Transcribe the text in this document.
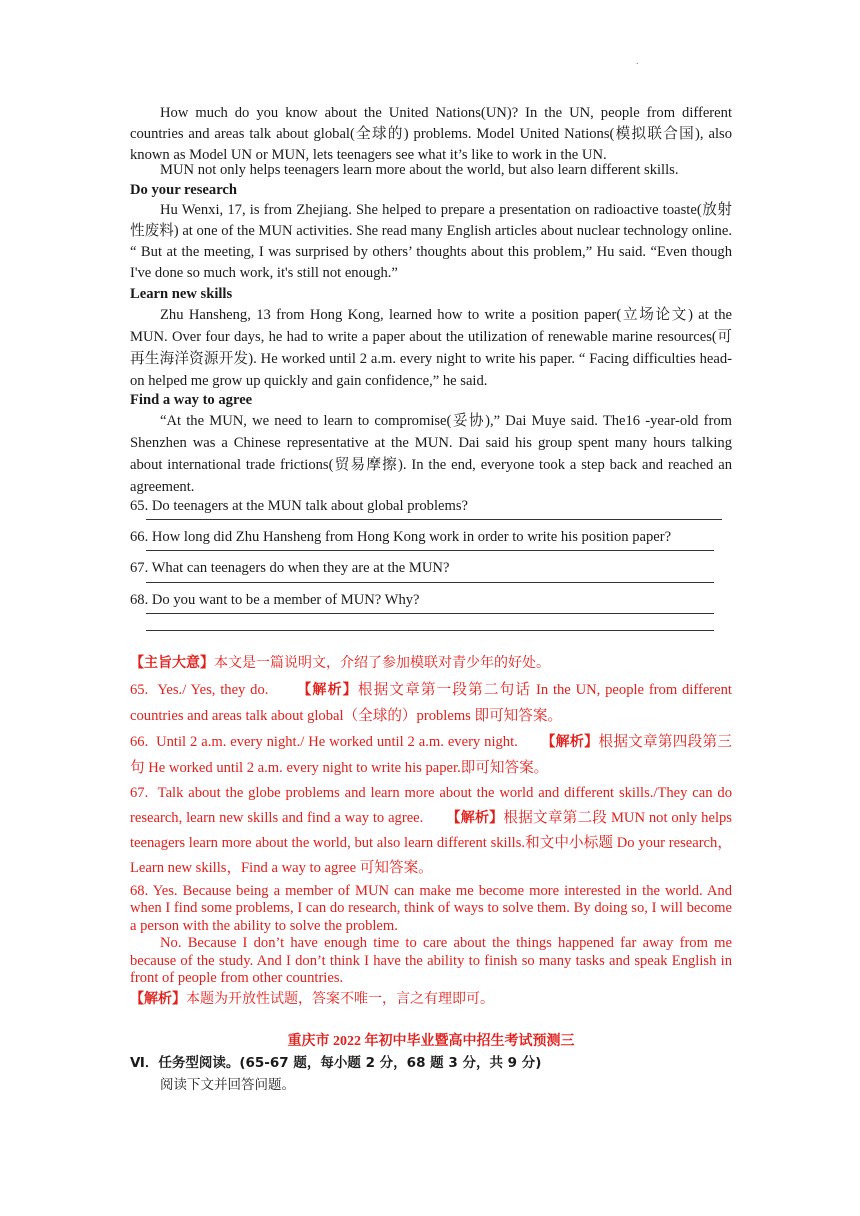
.

How much do you know about the United Nations(UN)? In the UN, people from different countries and areas talk about global(全球的) problems. Model United Nations(模拟联合国), also known as Model UN or MUN, lets teenagers see what it’s like to work in the UN.

MUN not only helps teenagers learn more about the world, but also learn different skills.

Do your research

Hu Wenxi, 17, is from Zhejiang. She helped to prepare a presentation on radioactive toaste(放射性废料) at one of the MUN activities. She read many English articles about nuclear technology online. “ But at the meeting, I was surprised by others’ thoughts about this problem,” Hu said. “Even though I've done so much work, it's still not enough.”

Learn new skills

Zhu Hansheng, 13 from Hong Kong, learned how to write a position paper(立场论文) at the MUN. Over four days, he had to write a paper about the utilization of renewable marine resources(可再生海洋资源开发). He worked until 2 a.m. every night to write his paper. “ Facing difficulties head-on helped me grow up quickly and gain confidence,” he said.

Find a way to agree

“At the MUN, we need to learn to compromise(妥协),” Dai Muye said. The16 -year-old from Shenzhen was a Chinese representative at the MUN. Dai said his group spent many hours talking about international trade frictions(贸易摩擦). In the end, everyone took a step back and reached an agreement.

65. Do teenagers at the MUN talk about global problems?

66. How long did Zhu Hansheng from Hong Kong work in order to write his position paper?

67. What can teenagers do when they are at the MUN?

68. Do you want to be a member of MUN? Why?

【主旨大意】本文是一篇说明文，介绍了参加模联对青少年的好处。

65.  Yes./ Yes, they do.      【解析】根据文章第一段第二句话 In the UN, people from different countries and areas talk about global（全球的）problems 即可知答案。

66.  Until 2 a.m. every night./ He worked until 2 a.m. every night.      【解析】根据文章第四段第三句 He worked until 2 a.m. every night to write his paper.即可知答案。

67.  Talk about the globe problems and learn more about the world and different skills./They can do research, learn new skills and find a way to agree.      【解析】根据文章第二段 MUN not only helps teenagers learn more about the world, but also learn different skills.和文中小标题 Do your research，Learn new skills，Find a way to agree 可知答案。

68. Yes. Because being a member of MUN can make me become more interested in the world. And when I find some problems, I can do research, think of ways to solve them. By doing so, I will become a person with the ability to solve the problem.

No. Because I don’t have enough time to care about the things happened far away from me because of the study. And I don’t think I have the ability to finish so many tasks and speak English in front of people from other countries.

【解析】本题为开放性试题，答案不唯一，言之有理即可。

重庆市 2022 年初中毕业暨高中招生考试预测三

Ⅵ．任务型阅读。(65-67 题，每小题 2 分，68 题 3 分，共 9 分)

阅读下文并回答问题。
